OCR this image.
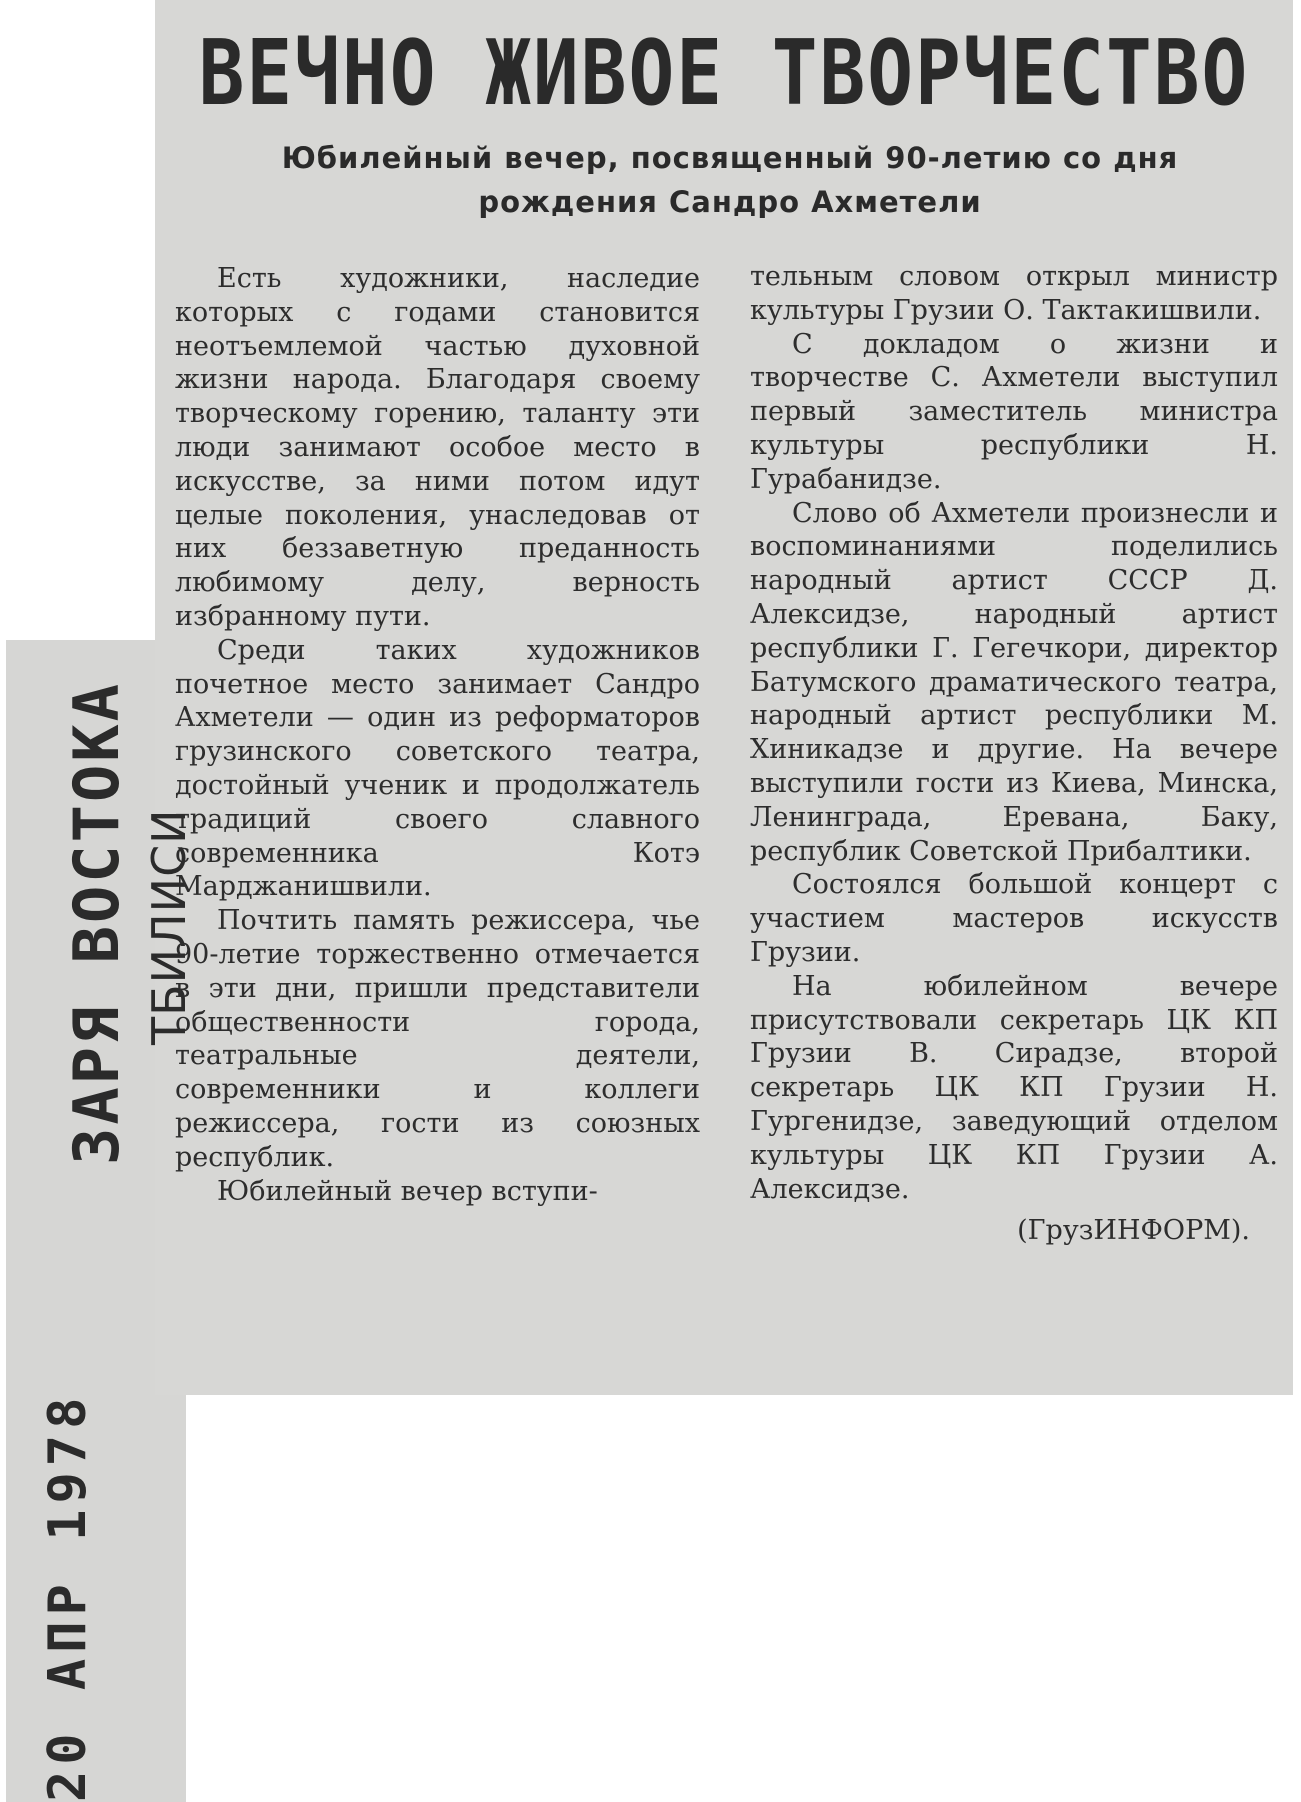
ЗАРЯ ВОСТОКА ТБИЛИСИ
20 АПР 1978
ВЕЧНО ЖИВОЕ ТВОРЧЕСТВО
Юбилейный вечер, посвященный 90-летию со дня рождения Сандро Ахметели

Есть художники, наследие которых с годами становится неотъемлемой частью духовной жизни народа. Благодаря своему творческому горению, таланту эти люди занимают особое место в искусстве, за ними потом идут целые поколения, унаследовав от них беззаветную преданность любимому делу, верность избранному пути.

Среди таких художников почетное место занимает Сандро Ахметели — один из реформаторов грузинского советского театра, достойный ученик и продолжатель традиций своего славного современника Котэ Марджанишвили.

Почтить память режиссера, чье 90-летие торжественно отмечается в эти дни, пришли представители общественности города, театральные деятели, современники и коллеги режиссера, гости из союзных республик.

Юбилейный вечер вступи-

тельным словом открыл министр культуры Грузии О. Тактакишвили.

С докладом о жизни и творчестве С. Ахметели выступил первый заместитель министра культуры республики Н. Гурабанидзе.

Слово об Ахметели произнесли и воспоминаниями поделились народный артист СССР Д. Алексидзе, народный артист республики Г. Гегечкори, директор Батумского драматического театра, народный артист республики М. Хиникадзе и другие. На вечере выступили гости из Киева, Минска, Ленинграда, Еревана, Баку, республик Советской Прибалтики.

Состоялся большой концерт с участием мастеров искусств Грузии.

На юбилейном вечере присутствовали секретарь ЦК КП Грузии В. Сирадзе, второй секретарь ЦК КП Грузии Н. Гургенидзе, заведующий отделом культуры ЦК КП Грузии А. Алексидзе.

(ГрузИНФОРМ).
